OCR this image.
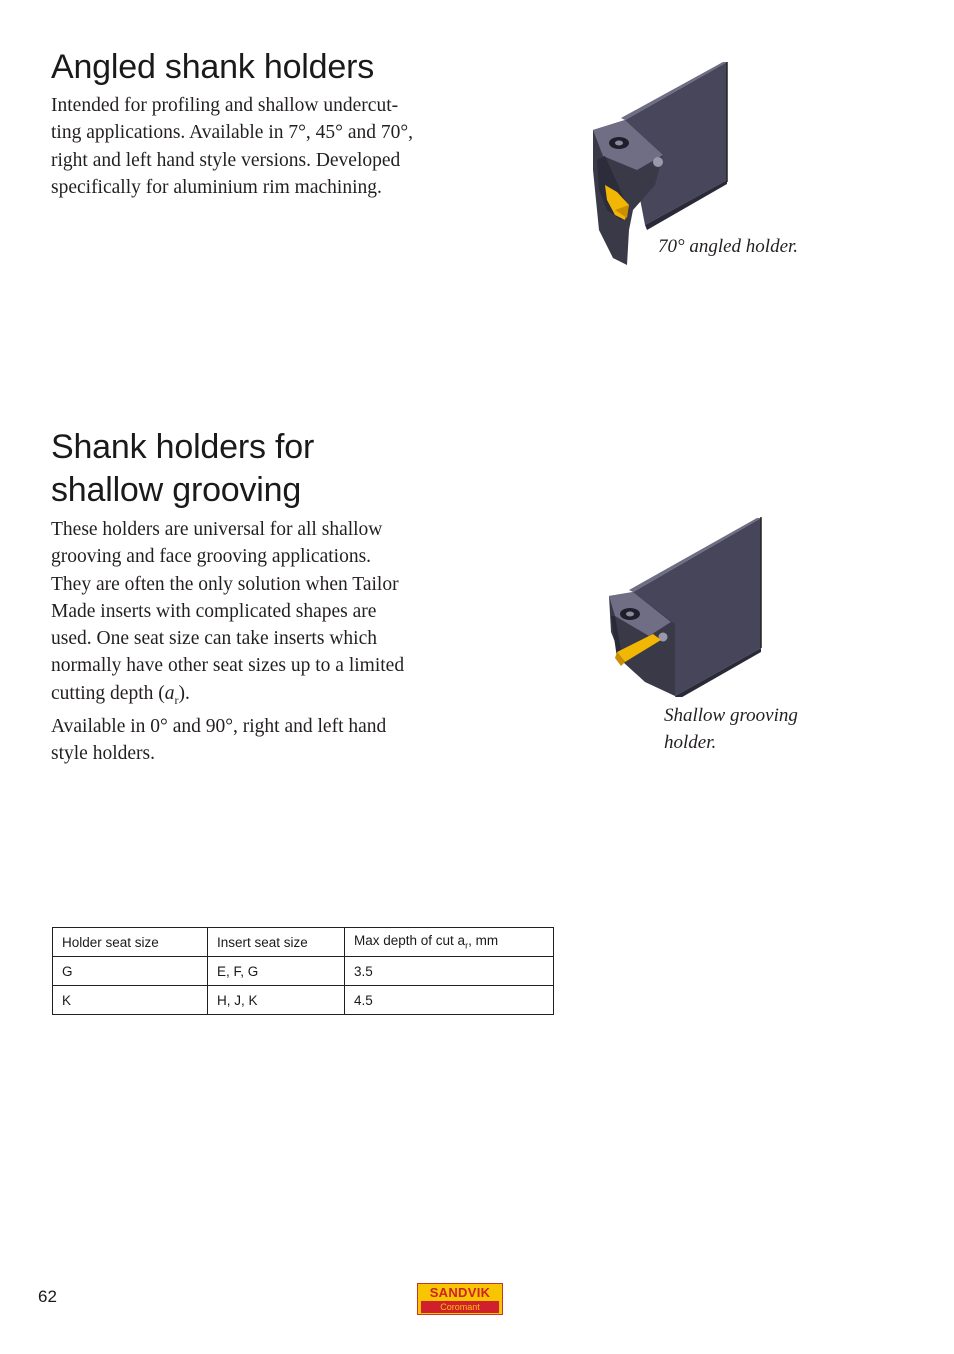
Angled shank holders
Intended for profiling and shallow undercut-
ting applications. Available in 7°, 45° and 70°,
right and left hand style versions. Developed
specifically for aluminium rim machining.
70° angled holder.
Shank holders for
shallow grooving
These holders are universal for all shallow
grooving and face grooving applications.
They are often the only solution when Tailor
Made inserts with complicated shapes are
used. One seat size can take inserts which
normally have other seat sizes up to a limited
cutting depth $(a_r)$.
Available in 0° and 90°, right and left hand
style holders.
Shallow grooving
holder.
Holder seat size	Insert seat size	Max depth of cut $a_r$, mm
G	E, F, G	3.5
K	H, J, K	4.5
62	SANDVIK
Coromant
